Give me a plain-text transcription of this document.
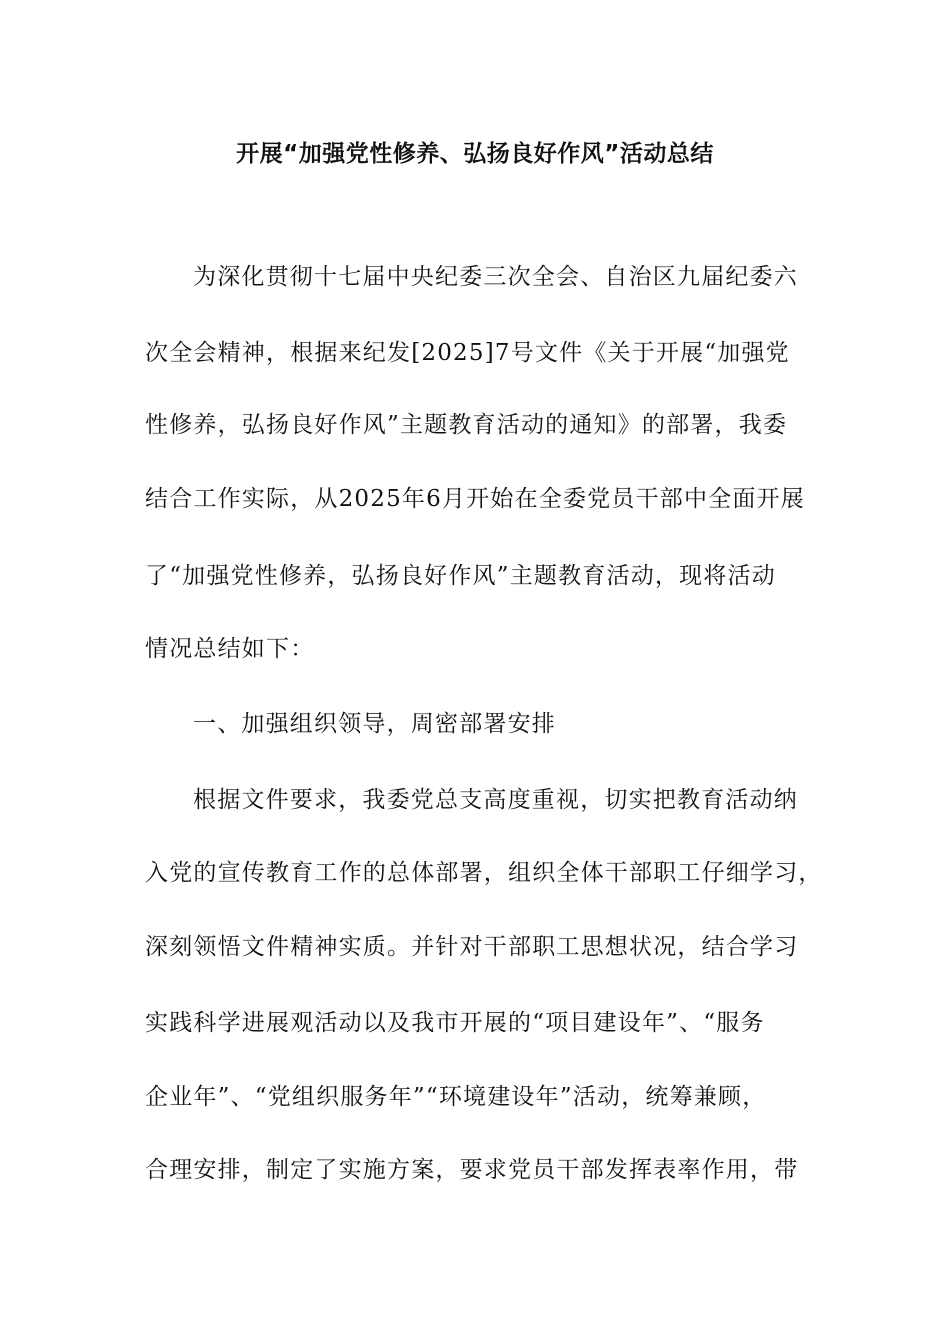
开展“加强党性修养、弘扬良好作风”活动总结
为深化贯彻十七届中央纪委三次全会、自治区九届纪委六
次全会精神，根据来纪发[2025]7号文件《关于开展“加强党
性修养，弘扬良好作风”主题教育活动的通知》的部署，我委
结合工作实际，从2025年6月开始在全委党员干部中全面开展
了“加强党性修养，弘扬良好作风”主题教育活动，现将活动
情况总结如下：
一、加强组织领导，周密部署安排
根据文件要求，我委党总支高度重视，切实把教育活动纳
入党的宣传教育工作的总体部署，组织全体干部职工仔细学习，
深刻领悟文件精神实质。并针对干部职工思想状况，结合学习
实践科学进展观活动以及我市开展的“项目建设年”、“服务
企业年”、“党组织服务年”“环境建设年”活动，统筹兼顾，
合理安排，制定了实施方案，要求党员干部发挥表率作用，带
